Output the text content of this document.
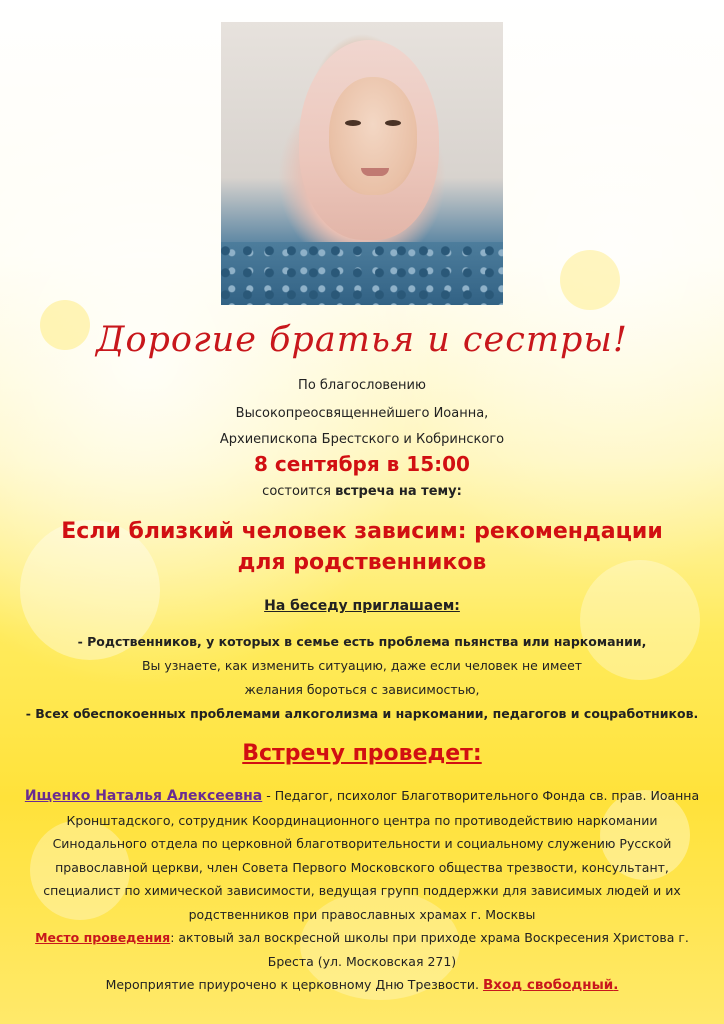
Дорогие братья и сестры!
По благословению
Высокопреосвященнейшего Иоанна,
Архиепископа Брестского и Кобринского
8 сентября в 15:00
состоится встреча на тему:
Если близкий человек зависим: рекомендации
для родственников
На беседу приглашаем:
- Родственников, у которых в семье есть проблема пьянства или наркомании,
Вы узнаете, как изменить ситуацию, даже если человек не имеет
желания бороться с зависимостью,
- Всех обеспокоенных проблемами алкоголизма и наркомании, педагогов и соцработников.
Встречу проведет:
Ищенко Наталья Алексеевна - Педагог, психолог Благотворительного Фонда св. прав. Иоанна
Кронштадского, сотрудник Координационного центра по противодействию наркомании
Синодального отдела по церковной благотворительности и социальному служению Русской
православной церкви, член Совета Первого Московского общества трезвости, консультант,
специалист по химической зависимости, ведущая групп поддержки для зависимых людей и их
родственников при православных храмах г. Москвы
Место проведения: актовый зал воскресной школы при приходе храма Воскресения Христова г.
Бреста (ул. Московская 271)
Мероприятие приурочено к церковному Дню Трезвости. Вход свободный.
